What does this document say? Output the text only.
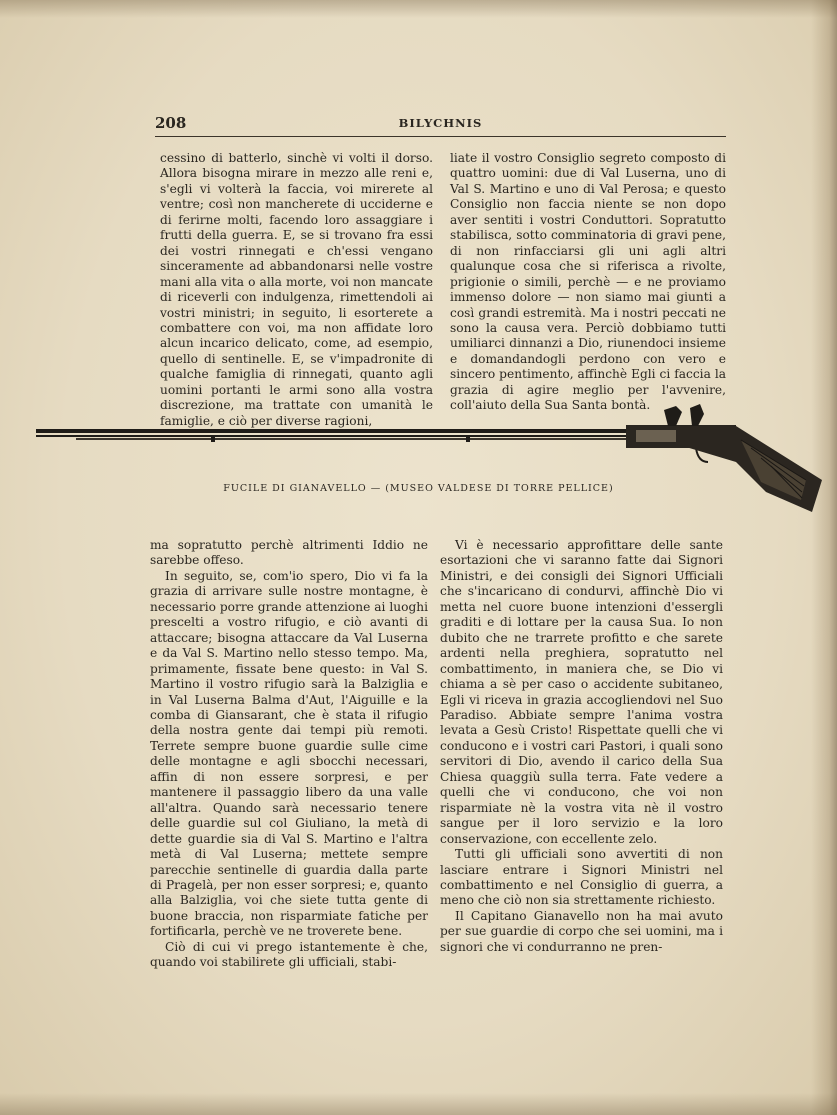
208	BILYCHNIS

cessino di batterlo, sinchè vi volti il dorso. Allora bisogna mirare in mezzo alle reni e, s'egli vi volterà la faccia, voi mirerete al ventre; così non mancherete di ucciderne e di ferirne molti, facendo loro assaggiare i frutti della guerra. E, se si trovano fra essi dei vostri rinnegati e ch'essi vengano sinceramente ad abbandonarsi nelle vostre mani alla vita o alla morte, voi non mancate di riceverli con indulgenza, rimettendoli ai vostri ministri; in seguito, li esorterete a combattere con voi, ma non affidate loro alcun incarico delicato, come, ad esempio, quello di sentinelle. E, se v'impadronite di qualche famiglia di rinnegati, quanto agli uomini portanti le armi sono alla vostra discrezione, ma trattate con umanità le famiglie, e ciò per diverse ragioni,

liate il vostro Consiglio segreto composto di quattro uomini: due di Val Luserna, uno di Val S. Martino e uno di Val Perosa; e questo Consiglio non faccia niente se non dopo aver sentiti i vostri Conduttori. Sopratutto stabilisca, sotto comminatoria di gravi pene, di non rinfacciarsi gli uni agli altri qualunque cosa che si riferisca a rivolte, prigionie o simili, perchè — e ne proviamo immenso dolore — non siamo mai giunti a così grandi estremità. Ma i nostri peccati ne sono la causa vera. Perciò dobbiamo tutti umiliarci dinnanzi a Dio, riunendoci insieme e domandandogli perdono con vero e sincero pentimento, affinchè Egli ci faccia la grazia di agire meglio per l'avvenire, coll'aiuto della Sua Santa bontà.

FUCILE DI GIANAVELLO — (MUSEO VALDESE DI TORRE PELLICE)

ma sopratutto perchè altrimenti Iddio ne sarebbe offeso.

In seguito, se, com'io spero, Dio vi fa la grazia di arrivare sulle nostre montagne, è necessario porre grande attenzione ai luoghi prescelti a vostro rifugio, e ciò avanti di attaccare; bisogna attaccare da Val Luserna e da Val S. Martino nello stesso tempo. Ma, primamente, fissate bene questo: in Val S. Martino il vostro rifugio sarà la Balziglia e in Val Luserna Balma d'Aut, l'Aiguille e la comba di Giansarant, che è stata il rifugio della nostra gente dai tempi più remoti. Terrete sempre buone guardie sulle cime delle montagne e agli sbocchi necessari, affin di non essere sorpresi, e per mantenere il passaggio libero da una valle all'altra. Quando sarà necessario tenere delle guardie sul col Giuliano, la metà di dette guardie sia di Val S. Martino e l'altra metà di Val Luserna; mettete sempre parecchie sentinelle di guardia dalla parte di Pragelà, per non esser sorpresi; e, quanto alla Balziglia, voi che siete tutta gente di buone braccia, non risparmiate fatiche per fortificarla, perchè ve ne troverete bene.

Ciò di cui vi prego istantemente è che, quando voi stabilirete gli ufficiali, stabi-

Vi è necessario approfittare delle sante esortazioni che vi saranno fatte dai Signori Ministri, e dei consigli dei Signori Ufficiali che s'incaricano di condurvi, affinchè Dio vi metta nel cuore buone intenzioni d'essergli graditi e di lottare per la causa Sua. Io non dubito che ne trarrete profitto e che sarete ardenti nella preghiera, sopratutto nel combattimento, in maniera che, se Dio vi chiama a sè per caso o accidente subitaneo, Egli vi riceva in grazia accogliendovi nel Suo Paradiso. Abbiate sempre l'anima vostra levata a Gesù Cristo! Rispettate quelli che vi conducono e i vostri cari Pastori, i quali sono servitori di Dio, avendo il carico della Sua Chiesa quaggiù sulla terra. Fate vedere a quelli che vi conducono, che voi non risparmiate nè la vostra vita nè il vostro sangue per il loro servizio e la loro conservazione, con eccellente zelo.

Tutti gli ufficiali sono avvertiti di non lasciare entrare i Signori Ministri nel combattimento e nel Consiglio di guerra, a meno che ciò non sia strettamente richiesto.

Il Capitano Gianavello non ha mai avuto per sue guardie di corpo che sei uomini, ma i signori che vi condurranno ne pren-
